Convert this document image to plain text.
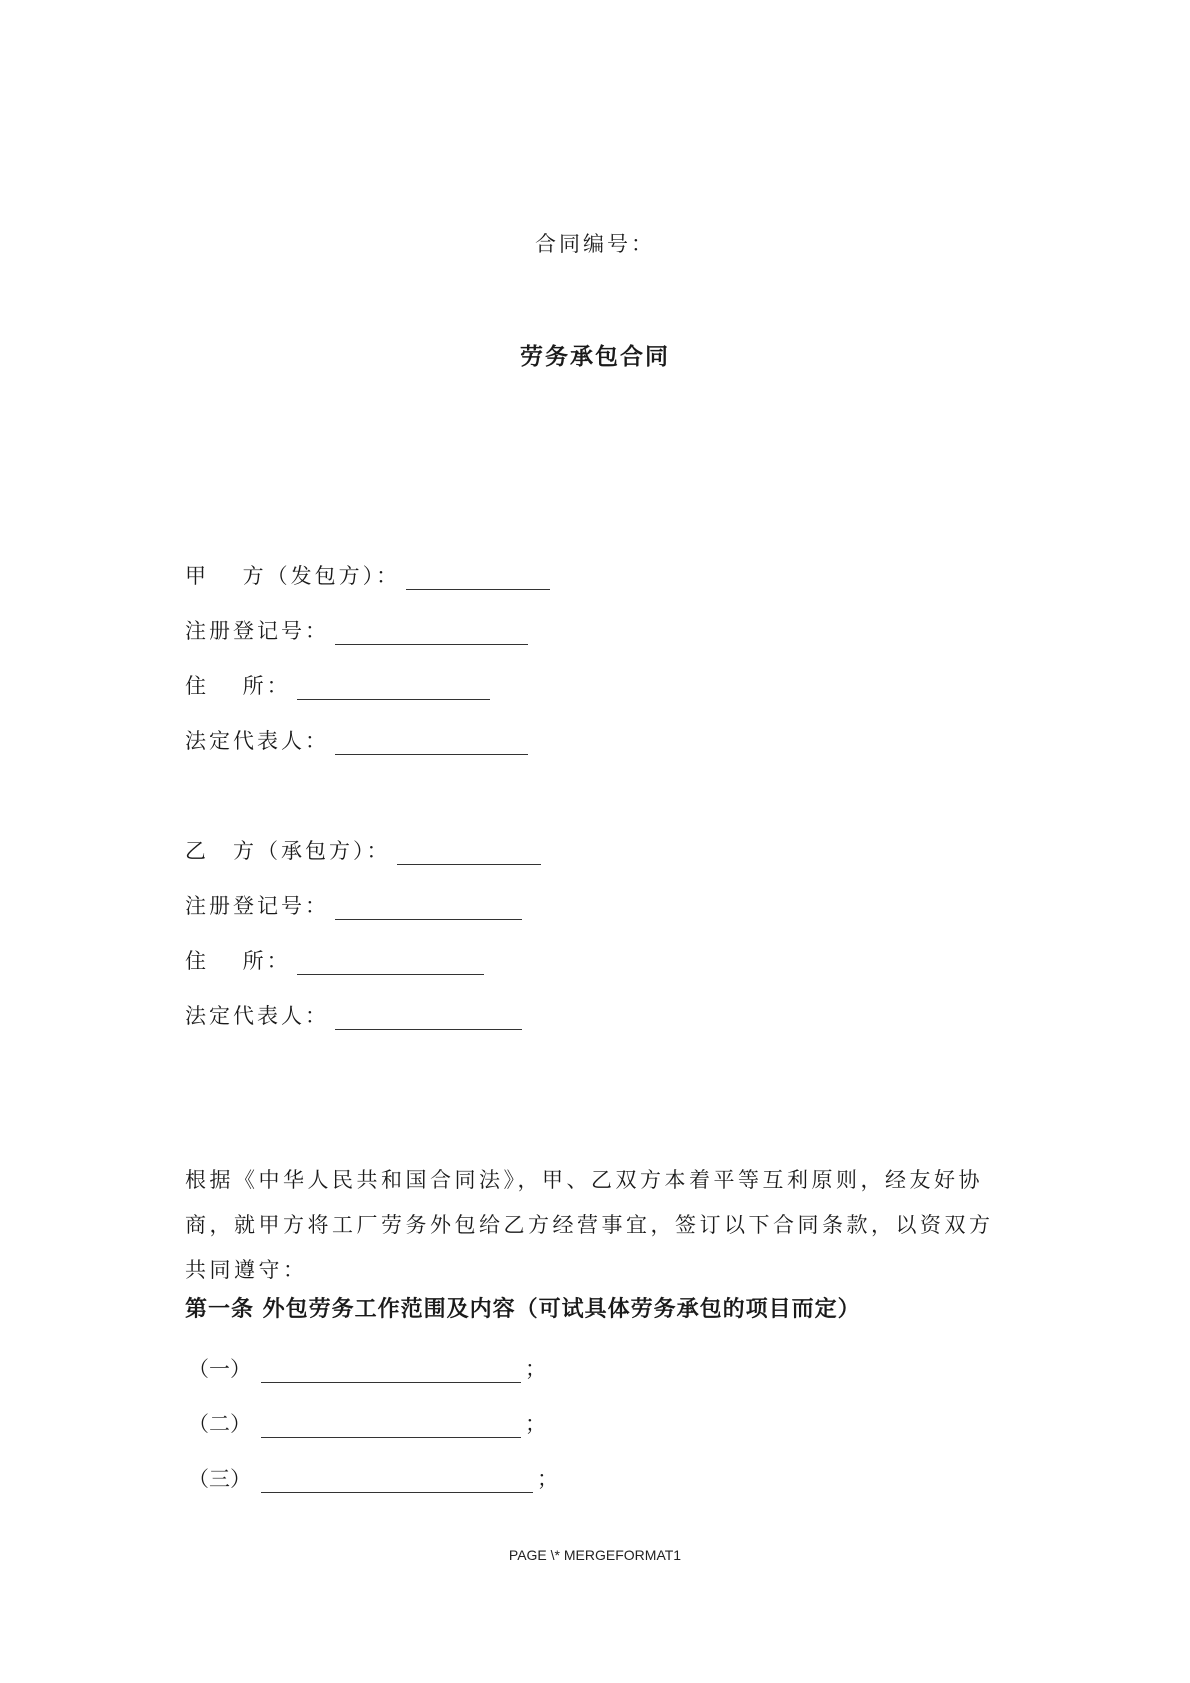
合同编号：
劳务承包合同
甲　 方（发包方）：
注册登记号：
住　 所：
法定代表人：
乙　方（承包方）：
注册登记号：
住　 所：
法定代表人：
根据《中华人民共和国合同法》，甲、乙双方本着平等互利原则，经友好协商，就甲方将工厂劳务外包给乙方经营事宜，签订以下合同条款，以资双方共同遵守：
第一条 外包劳务工作范围及内容（可试具体劳务承包的项目而定）
（一）	；
（二）	；
（三）	；
PAGE \* MERGEFORMAT1
